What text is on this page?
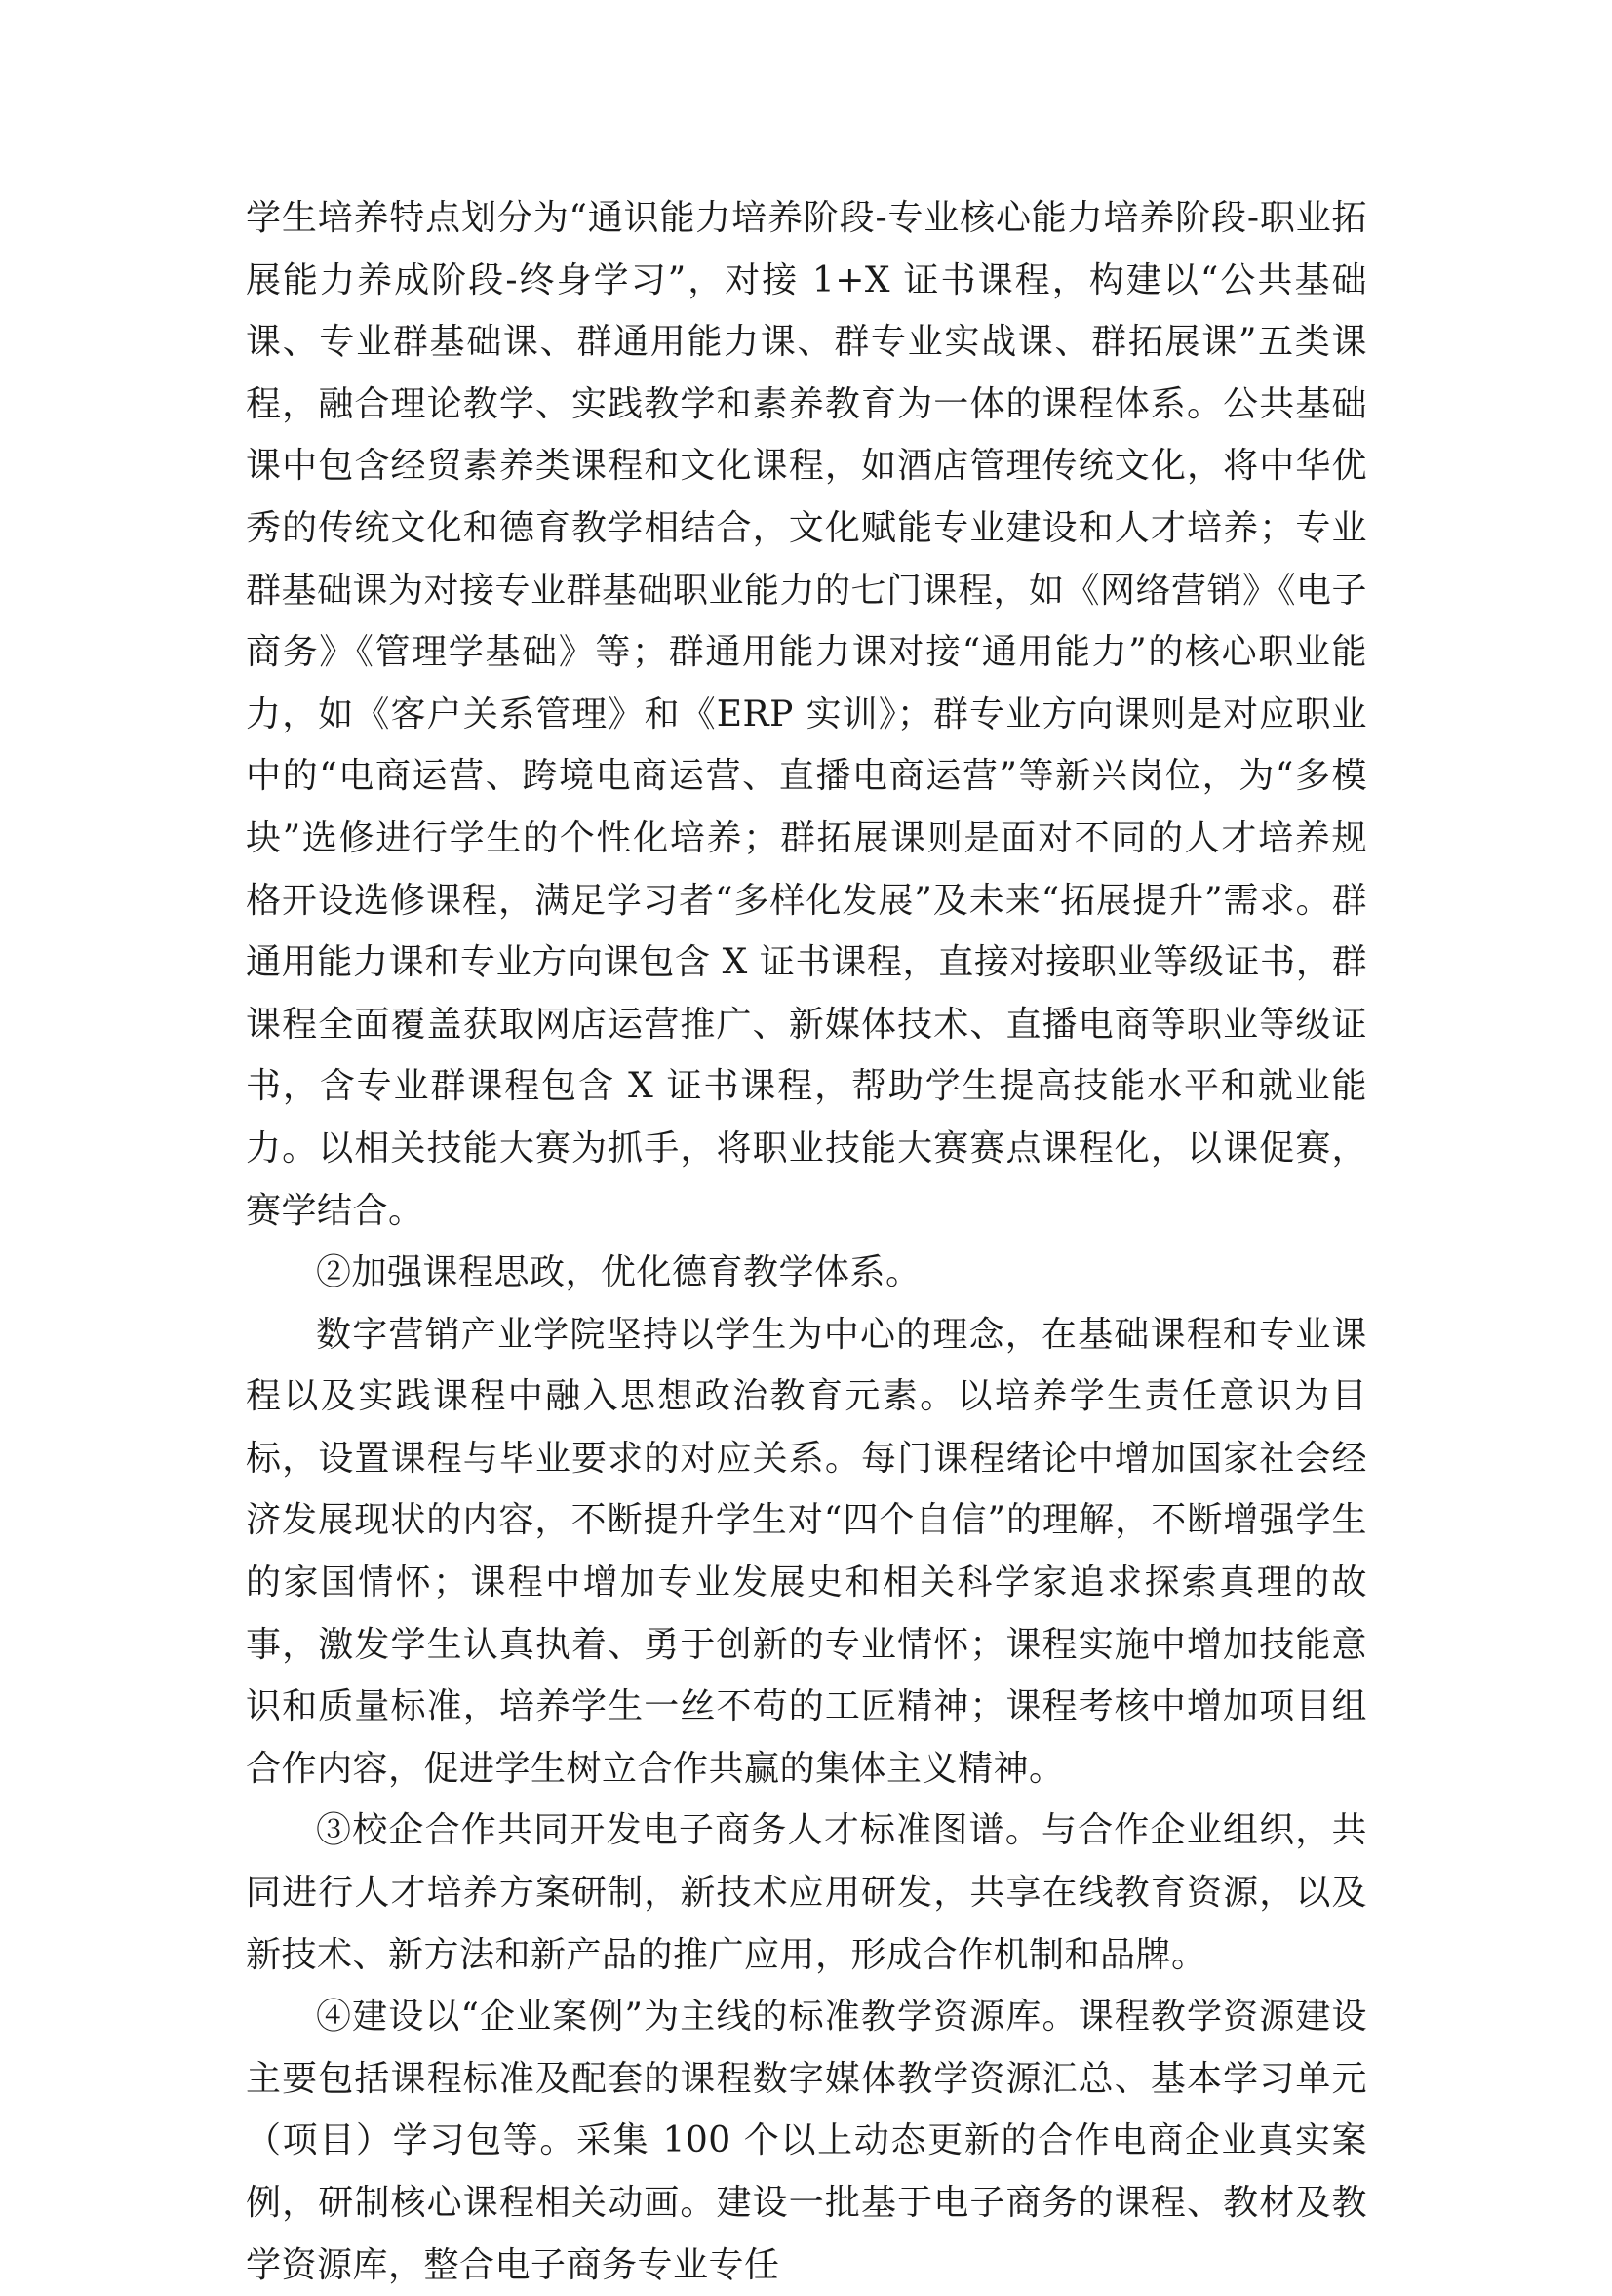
学生培养特点划分为“通识能力培养阶段-专业核心能力培养阶段-职业拓展能力养成阶段-终身学习”，对接 1+X 证书课程，构建以“公共基础课、专业群基础课、群通用能力课、群专业实战课、群拓展课”五类课程，融合理论教学、实践教学和素养教育为一体的课程体系。公共基础课中包含经贸素养类课程和文化课程，如酒店管理传统文化，将中华优秀的传统文化和德育教学相结合，文化赋能专业建设和人才培养；专业群基础课为对接专业群基础职业能力的七门课程，如《网络营销》《电子商务》《管理学基础》等；群通用能力课对接“通用能力”的核心职业能力，如《客户关系管理》和《ERP 实训》；群专业方向课则是对应职业中的“电商运营、跨境电商运营、直播电商运营”等新兴岗位，为“多模块”选修进行学生的个性化培养；群拓展课则是面对不同的人才培养规格开设选修课程，满足学习者“多样化发展”及未来“拓展提升”需求。群通用能力课和专业方向课包含 X 证书课程，直接对接职业等级证书，群课程全面覆盖获取网店运营推广、新媒体技术、直播电商等职业等级证书，含专业群课程包含 X 证书课程，帮助学生提高技能水平和就业能力。以相关技能大赛为抓手，将职业技能大赛赛点课程化，以课促赛，赛学结合。

②加强课程思政，优化德育教学体系。

数字营销产业学院坚持以学生为中心的理念，在基础课程和专业课程以及实践课程中融入思想政治教育元素。以培养学生责任意识为目标，设置课程与毕业要求的对应关系。每门课程绪论中增加国家社会经济发展现状的内容，不断提升学生对“四个自信”的理解，不断增强学生的家国情怀；课程中增加专业发展史和相关科学家追求探索真理的故事，激发学生认真执着、勇于创新的专业情怀；课程实施中增加技能意识和质量标准，培养学生一丝不苟的工匠精神；课程考核中增加项目组合作内容，促进学生树立合作共赢的集体主义精神。

③校企合作共同开发电子商务人才标准图谱。与合作企业组织，共同进行人才培养方案研制，新技术应用研发，共享在线教育资源，以及新技术、新方法和新产品的推广应用，形成合作机制和品牌。

④建设以“企业案例”为主线的标准教学资源库。课程教学资源建设主要包括课程标准及配套的课程数字媒体教学资源汇总、基本学习单元（项目）学习包等。采集 100 个以上动态更新的合作电商企业真实案例，研制核心课程相关动画。建设一批基于电子商务的课程、教材及教学资源库，整合电子商务专业专任
